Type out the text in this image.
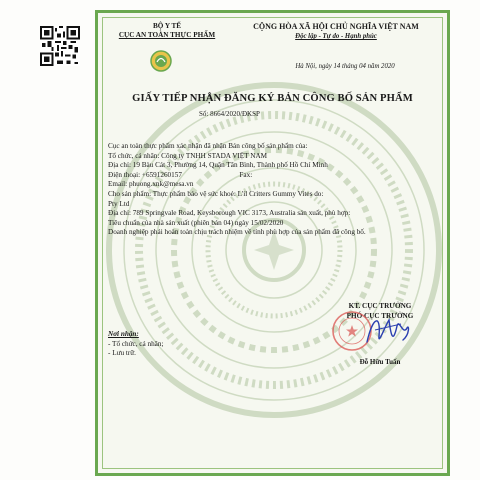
BỘ Y TẾ
CỤC AN TOÀN THỰC PHẨM
CỘNG HÒA XÃ HỘI CHỦ NGHĨA VIỆT NAM
Độc lập - Tự do - Hạnh phúc
Hà Nội, ngày 14 tháng 04 năm 2020
GIẤY TIẾP NHẬN ĐĂNG KÝ BẢN CÔNG BỐ SẢN PHẨM
Số: 8664/2020/ĐKSP
Cục an toàn thực phẩm xác nhận đã nhận Bản công bố sản phẩm của:
Tổ chức, cá nhân: Công ty TNHH STADA VIỆT NAM
Địa chỉ: 19 Bàu Cát 3, Phường 14, Quận Tân Bình, Thành phố Hồ Chí Minh
Điện thoại: +6591260157                                Fax:
Email: phuong.xnk@mesa.vn
Cho sản phẩm: Thực phẩm bảo vệ sức khoẻ: L'il Critters Gummy Vites do:
Pty Ltd
Địa chỉ: 789 Springvale Road, Keysborough VIC 3173, Australia sản xuất, phù hợp:
Tiêu chuẩn của nhà sản xuất (phiên bản 04) ngày 15/02/2020
Doanh nghiệp phải hoàn toàn chịu trách nhiệm về tính phù hợp của sản phẩm đã công bố.
Nơi nhận:
- Tổ chức, cá nhân;
- Lưu trữ.
KT. CỤC TRƯỞNG
PHÓ CỤC TRƯỞNG
Đỗ Hữu Tuấn
